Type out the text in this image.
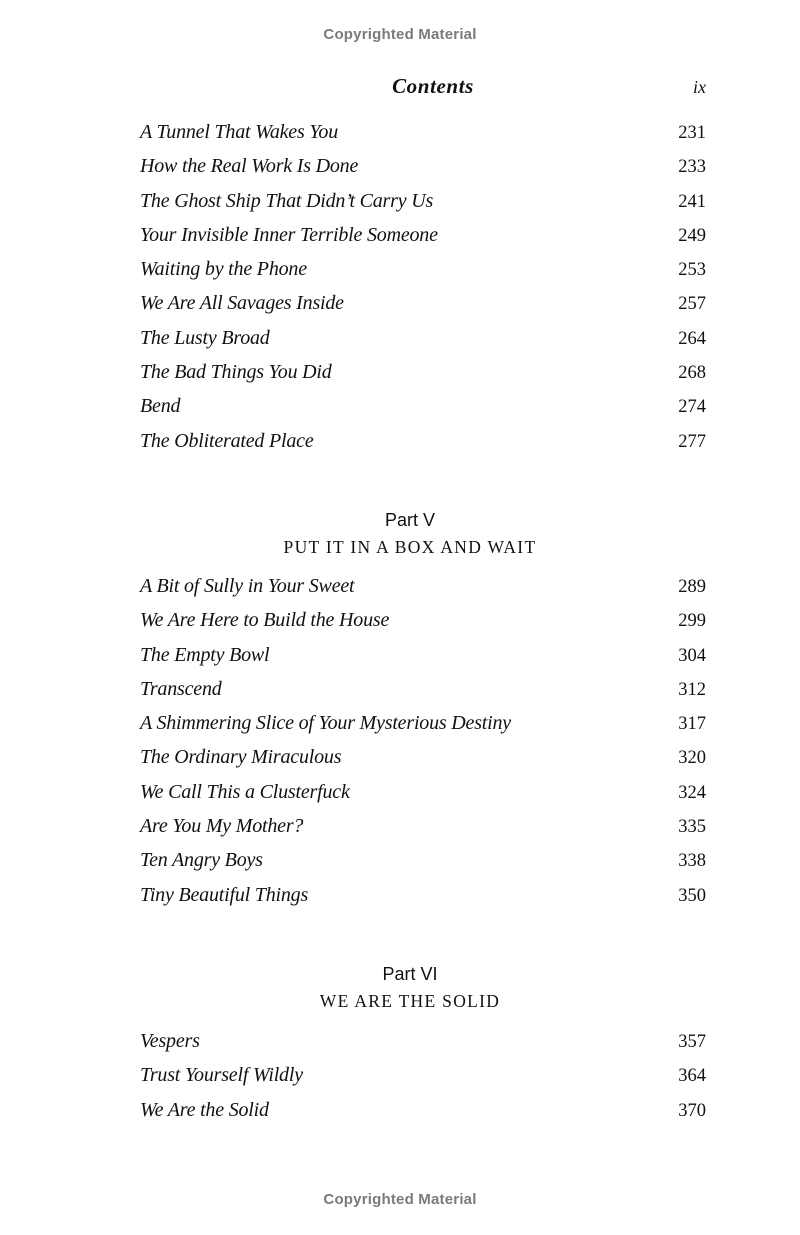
Copyrighted Material
Contents	ix
A Tunnel That Wakes You	231
How the Real Work Is Done	233
The Ghost Ship That Didn’t Carry Us	241
Your Invisible Inner Terrible Someone	249
Waiting by the Phone	253
We Are All Savages Inside	257
The Lusty Broad	264
The Bad Things You Did	268
Bend	274
The Obliterated Place	277
Part V
PUT IT IN A BOX AND WAIT
A Bit of Sully in Your Sweet	289
We Are Here to Build the House	299
The Empty Bowl	304
Transcend	312
A Shimmering Slice of Your Mysterious Destiny	317
The Ordinary Miraculous	320
We Call This a Clusterfuck	324
Are You My Mother?	335
Ten Angry Boys	338
Tiny Beautiful Things	350
Part VI
WE ARE THE SOLID
Vespers	357
Trust Yourself Wildly	364
We Are the Solid	370
Copyrighted Material
